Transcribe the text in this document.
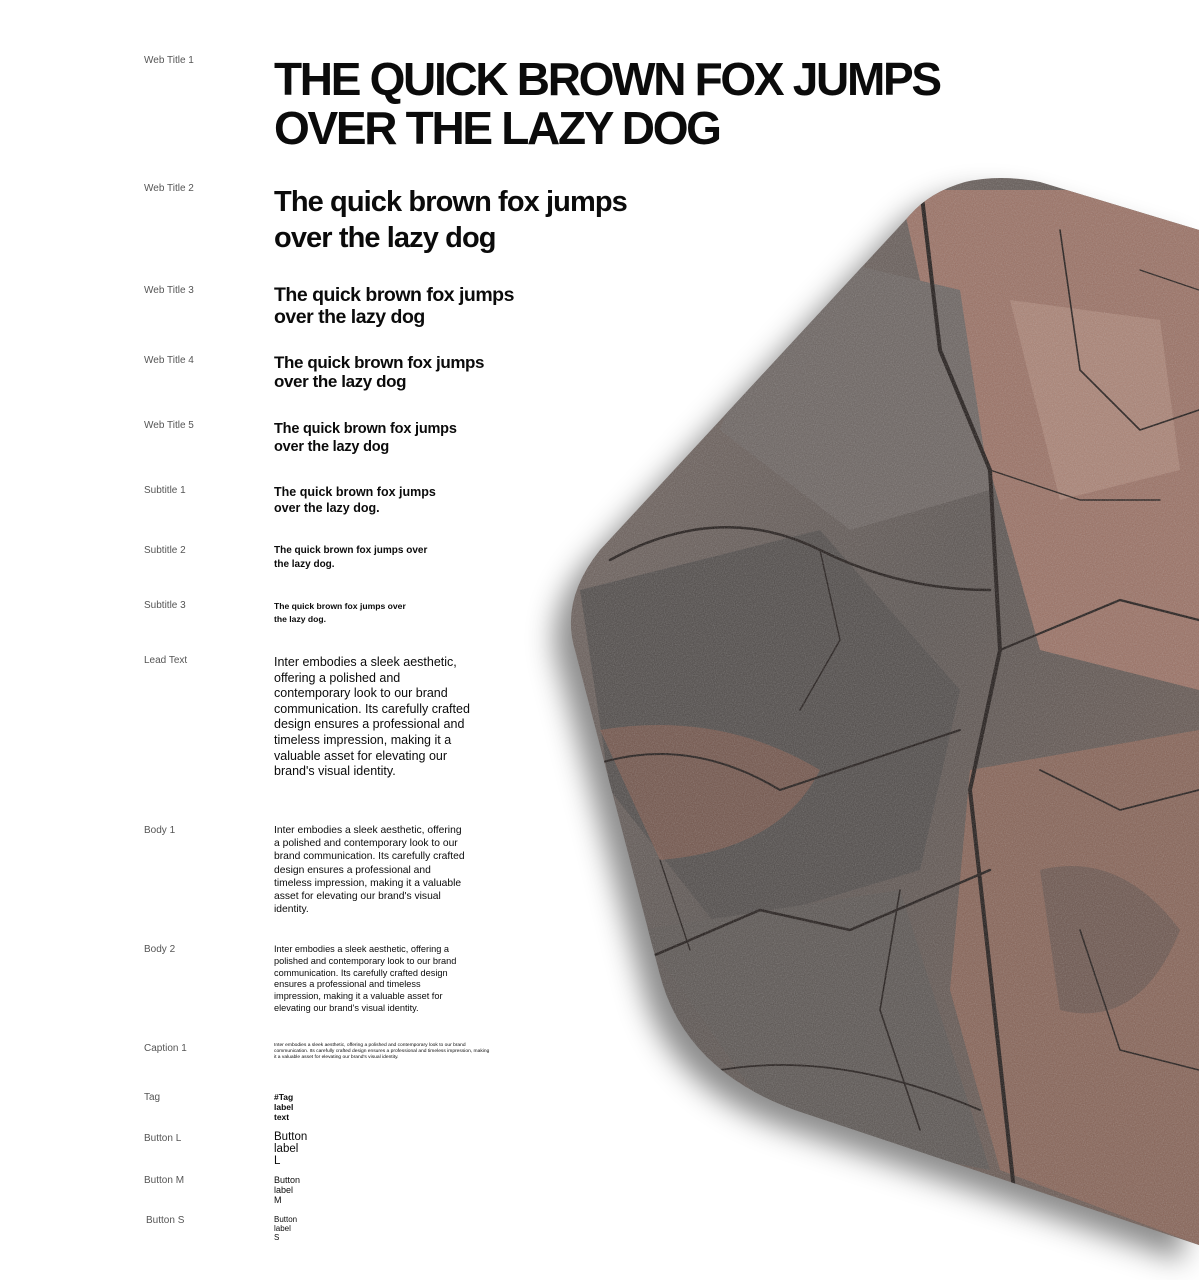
Web Title 1 THE QUICK BROWN FOX JUMPS OVER THE LAZY DOG
Web Title 2	The quick brown fox jumps over the lazy dog
Web Title 3	The quick brown fox jumps over the lazy dog
Web Title 4	The quick brown fox jumps over the lazy dog
Web Title 5	The quick brown fox jumps over the lazy dog
Subtitle 1	The quick brown fox jumps over the lazy dog.
Subtitle 2	The quick brown fox jumps over the lazy dog.
Subtitle 3	The quick brown fox jumps over the lazy dog.
Lead Text	Inter embodies a sleek aesthetic, offering a polished and contemporary look to our brand communication. Its carefully crafted design ensures a professional and timeless impression, making it a valuable asset for elevating our brand's visual identity.
Body 1	Inter embodies a sleek aesthetic, offering a polished and contemporary look to our brand communication. Its carefully crafted design ensures a professional and timeless impression, making it a valuable asset for elevating our brand's visual identity.
Body 2	Inter embodies a sleek aesthetic, offering a polished and contemporary look to our brand communication. Its carefully crafted design ensures a professional and timeless impression, making it a valuable asset for elevating our brand's visual identity.
Caption 1	Inter embodies a sleek aesthetic, offering a polished and contemporary look to our brand communication. Its carefully crafted design ensures a professional and timeless impression, making it a valuable asset for elevating our brand's visual identity.
Tag	#Tag label text
Button L	Button label L
Button M	Button label M
Button S	Button label S
